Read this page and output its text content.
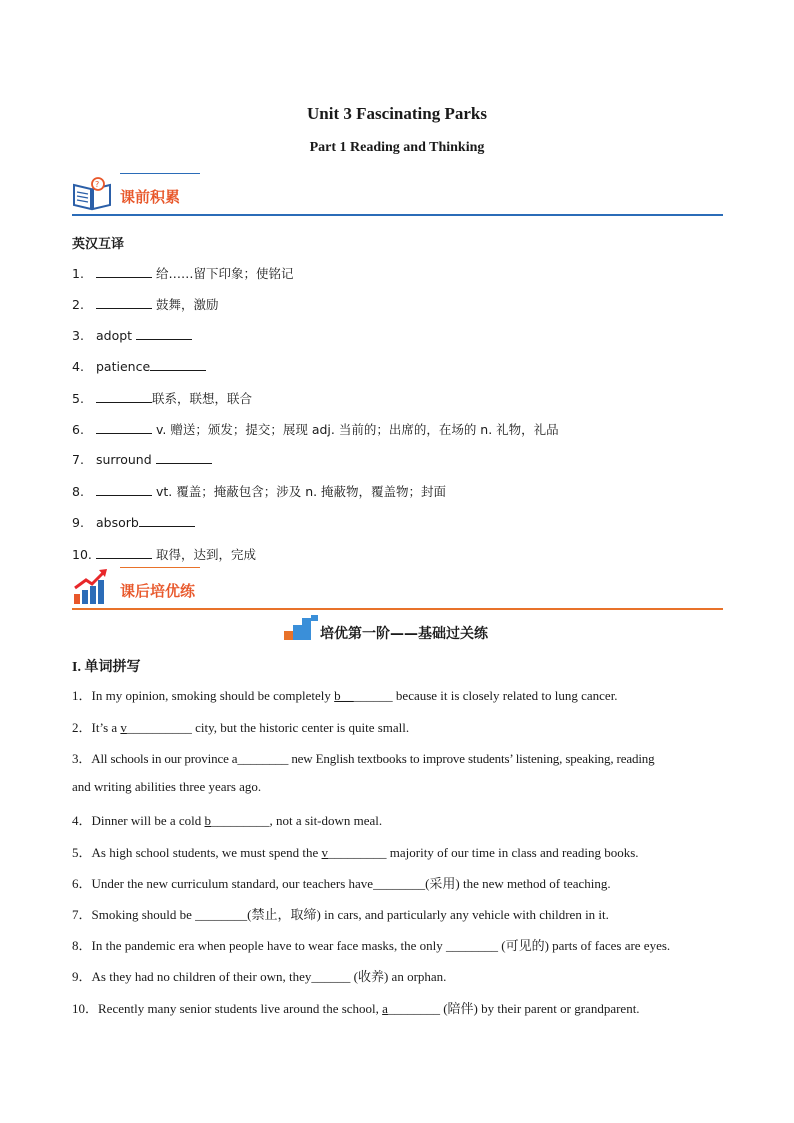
Unit 3 Fascinating Parks
Part 1 Reading and Thinking
?
课前积累
英汉互译
1.	给……留下印象；使铭记
2.	鼓舞，激励
3. adopt
4. patience
5.	联系，联想，联合
6.	v. 赠送；颁发；提交；展现 adj. 当前的；出席的，在场的 n. 礼物，礼品
7. surround
8.	vt. 覆盖；掩蔽包含；涉及 n. 掩蔽物，覆盖物；封面
9. absorb
10.	取得，达到，完成
课后培优练
培优第一阶——基础过关练
I. 单词拼写
1．In my opinion, smoking should be completely b________ because it is closely related to lung cancer.
2．It’s a v__________ city, but the historic center is quite small.
3．All schools in our province a________ new English textbooks to improve students’ listening, speaking, reading
and writing abilities three years ago.
4．Dinner will be a cold b_________, not a sit-down meal.
5．As high school students, we must spend the v_________ majority of our time in class and reading books.
6．Under the new curriculum standard, our teachers have________(采用) the new method of teaching.
7．Smoking should be ________(禁止，取缔) in cars, and particularly any vehicle with children in it.
8．In the pandemic era when people have to wear face masks, the only ________ (可见的) parts of faces are eyes.
9．As they had no children of their own, they______ (收养) an orphan.
10．Recently many senior students live around the school, a________ (陪伴) by their parent or grandparent.
